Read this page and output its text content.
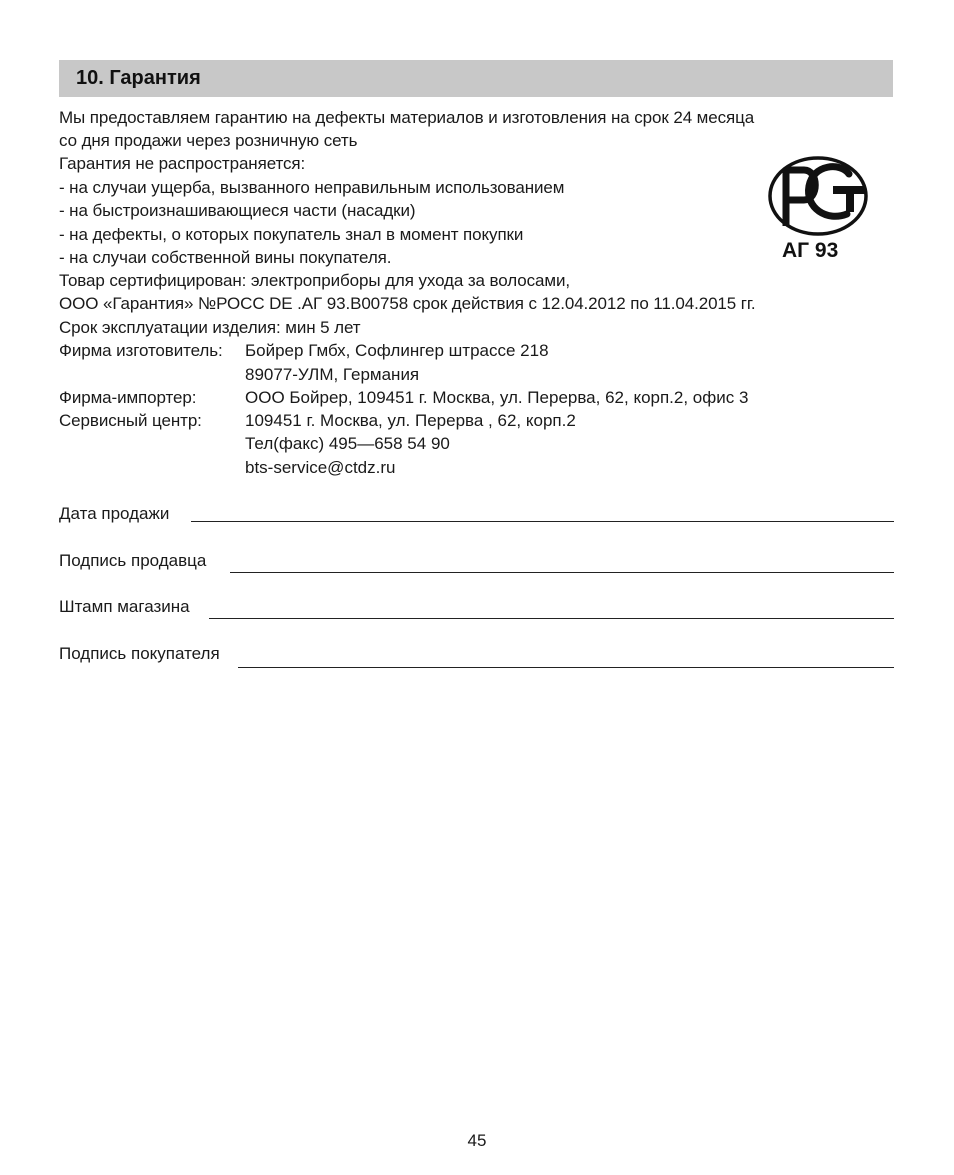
10. Гарантия
Мы предоставляем гарантию на дефекты материалов и изготовления на срок 24 месяца
со дня продажи через розничную сеть
Гарантия не распространяется:
- на случаи ущерба, вызванного неправильным использованием
- на быстроизнашивающиеся части (насадки)
- на дефекты, о которых покупатель знал в момент покупки
- на случаи собственной вины покупателя.
Товар сертифицирован: электроприборы для ухода за волосами,
ООО «Гарантия» №РОСС DE .АГ 93.В00758 срок действия с 12.04.2012 по 11.04.2015 гг.
Срок эксплуатации изделия: мин 5 лет
Фирма изготовитель: Бойрер Гмбх, Софлингер штрассе 218
89077-УЛМ, Германия
Фирма-импортер:	ООО Бойрер, 109451 г. Москва, ул. Перерва, 62, корп.2, офис 3
Сервисный центр:	109451 г. Москва, ул. Перерва , 62, корп.2
Тел(факс) 495—658 54 90
bts-service@ctdz.ru
АГ 93
Дата продажи
Подпись продавца
Штамп магазина
Подпись покупателя
45
